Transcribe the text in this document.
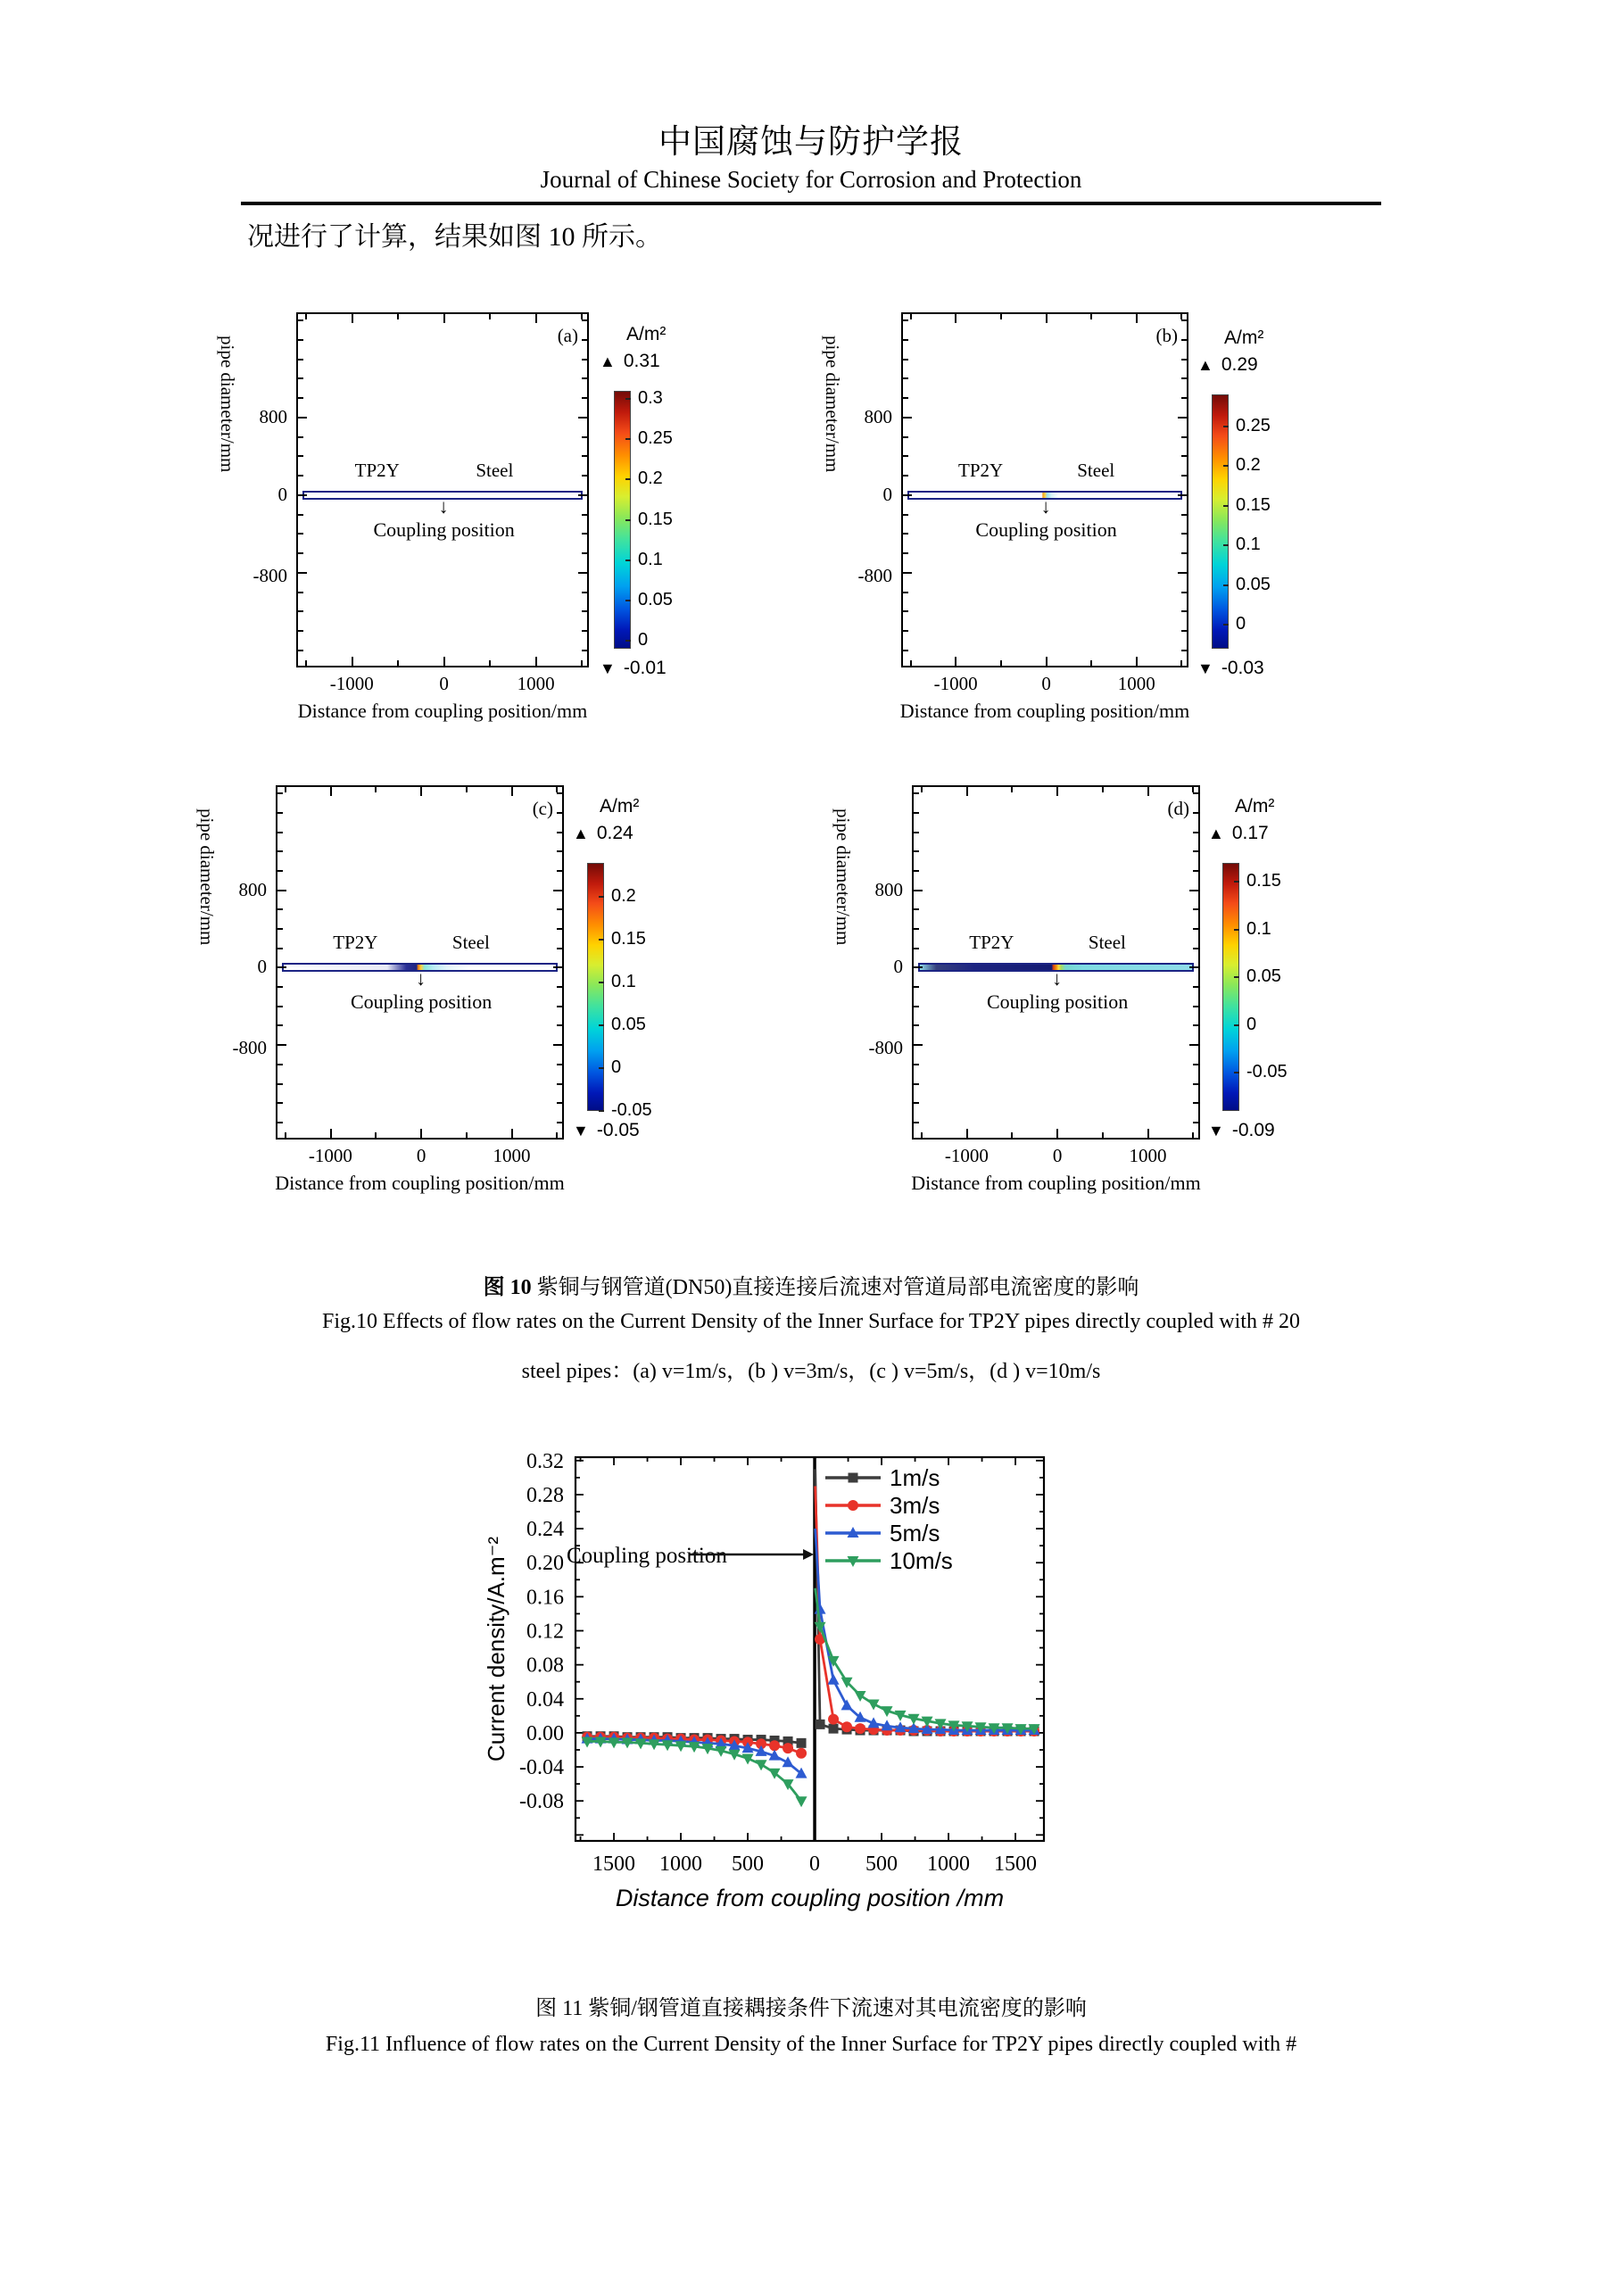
中国腐蚀与防护学报
Journal of Chinese Society for Corrosion and Protection
况进行了计算，结果如图 10 所示。
pipe diameter/mm	(a)
800
0
-800
-1000	0	1000
Distance from coupling position/mm
TP2Y	Steel
↓
Coupling position
pipe diameter/mm	(b)
800
0
-800
-1000	0	1000
Distance from coupling position/mm
TP2Y	Steel
↓
Coupling position
pipe diameter/mm	(c)
800
0
-800
-1000	0	1000
Distance from coupling position/mm
TP2Y	Steel
↓
Coupling position
pipe diameter/mm	(d)
800
0
-800
-1000	0	1000
Distance from coupling position/mm
TP2Y	Steel
↓
Coupling position
A/m²
▲ 0.31
0.3
0.25
0.2
0.15
0.1
0.05
0
▼ -0.01
A/m²
▲ 0.29
0.25
0.2
0.15
0.1
0.05
0
▼ -0.03
A/m²
▲ 0.24
0.2
0.15
0.1
0.05
0
-0.05
▼ -0.05
A/m²
▲ 0.17
0.15
0.1
0.05
0
-0.05
▼ -0.09
图 10 紫铜与钢管道(DN50)直接连接后流速对管道局部电流密度的影响
Fig.10 Effects of flow rates on the Current Density of the Inner Surface for TP2Y pipes directly coupled with # 20
steel pipes：(a) v=1m/s，(b ) v=3m/s，(c ) v=5m/s，(d ) v=10m/s
0.32
0.28
0.24
0.20
0.16
0.12
0.08
0.04
0.00
-0.04
-0.08
1500 1000 500 0 500 1000 1500
Current density/A.m⁻²
Distance from coupling position /mm
1m/s
3m/s
5m/s
10m/s
Coupling position
图 11 紫铜/钢管道直接耦接条件下流速对其电流密度的影响
Fig.11 Influence of flow rates on the Current Density of the Inner Surface for TP2Y pipes directly coupled with #
